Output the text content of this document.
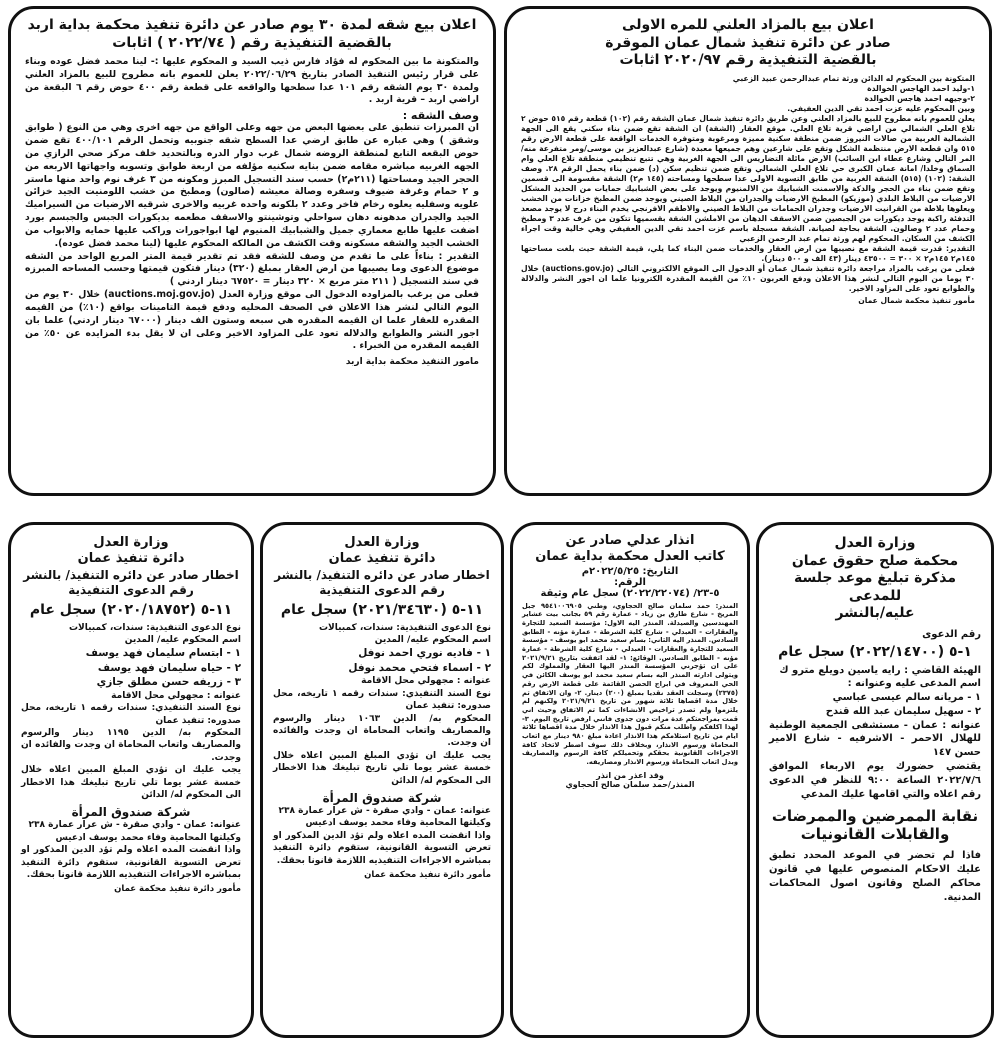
اعلان بيع بالمزاد العلني للمره الاولى

صادر عن دائرة تنفيذ شمال عمان الموقرة

بالقضية التنفيذية رقم ٢٠٢٠/٩٧ اثابات

المتكونة بين المحكوم له الدائن ورثة تمام عبدالرحمن عبيد الزعبي

١-وليد احمد الهاجس الخوالدة

٢-وجيهه احمد هاجس الخوالدة

وبين المحكوم عليه عزت احمد تقي الدين العفيفي.

يعلن للعموم بانه مطروح للبيع بالمزاد العلني وعن طريق دائرة تنفيذ شمال عمان الشقة رقم (١٠٢) قطعة رقم ٥١٥ حوض ٢ تلاع العلي الشمالي من اراضي قرية تلاع العلي. موقع العقار (الشقة) ان الشقة تقع ضمن بناء سكني يقع الى الجهة الشمالية الغربية من صالات النيروز ضمن منطقة سكنية مميزة ومرغوبة ومتوفرة الخدمات الواقعة على قطعة الارض رقم ٥١٥ وان قطعة الارض منتظمة الشكل وتقع على شارعين وهم جميعها معبدة (شارع عبدالعزيز بن موسى/ومر متفرعة منه/المر التالي وشارع عطاء ابن السائب) الارض مائلة التضاريس الى الجهة الغربية وهي تتبع تنظيمي منطقة تلاع العلي وام السماق وخلدا/ امانة عمان الكبرى حي تلاع العلي الشمالي وتقع ضمن تنظيم سكن (د) ضمن بناء يحمل الرقم ٢٨. وصف الشقة: (١٠٢) (٥١٥) الشقة الغربية من طابق التسوية الاولى عدا سطحها ومساحته (١٤٥ م٢) الشقة مقسومة الى قسمين وتقع ضمن بناء من الحجر والدكة والاسمنت الشبابيك من الالمنيوم ويوجد على بعض الشبابيك حمايات من الحديد المشكل الارضيات من البلاط البلدي (موزيكو) المطبخ الارضيات والجدران من البلاط الصيني ويوجد ضمن المطبخ خزانات من الخشب ويعلوها بلاطة من القرانيت الارضيات وجدران الحمامات من البلاط الصيني والاطقم الافرنجي يخدم البناء درج لا يوجد مصعد التدفئة راكبة يوجد ديكورات من الجبصين ضمن الاسقف الدهان من الاملشن الشقة بقسميها تتكون من غرف عدد ٣ ومطبخ وحمام عدد ٢ وصالون. الشقة بحاجة لصيانة. الشقة مسجلة باسم عزت احمد تقي الدين العفيفي وهي خالية وقت اجراء الكشف من السكان. المحكوم لهم ورثة تمام عبد الرحمن الزعبي

التقدير: قدرت قيمة الشقة مع نصيبها من ارض العقار والخدمات ضمن البناء كما يلي، قيمة الشقة حيث بلغت مساحتها ١٤٥م٢ ١٤٥م٢ × ٣٠٠ = ٤٣٥٠٠ دينار (٤٣ الف و ٥٠٠ دينار).

فعلى من يرغب بالمزاد مراجعة دائرة تنفيذ شمال عمان أو الدخول الى الموقع الالكتروني التالي (auctions.gov.jo) خلال ٣٠ يوما من اليوم التالي لنشر هذا الاعلان ودفع العربون ١٠٪ من القيمة المقدرة الكترونيا علما ان اجور النشر والدلالة والطوابع تعود على المزاود الاخير.

مأمور تنفيذ محكمة شمال عمان

اعلان بيع شقه لمدة ٣٠ يوم صادر عن دائرة تنفيذ محكمة بداية اربد

بالقضية التنفيذية رقم ( ٢٠٢٢/٧٤ ) اثابات

والمتكونة ما بين المحكوم له فؤاد فارس ذيب السيد و المحكوم عليها :- لينا محمد فضل عوده وبناء على قرار رئيس التنفيذ الصادر بتاريخ ٢٠٢٢/٠٦/٢٩ يعلن للعموم بانه مطروح للبيع بالمزاد العلني ولمدة ٣٠ يوم الشقه رقم ١٠١ عدا سطحها والواقعه على قطعة رقم ٤٠٠ حوض رقم ٦ البقعة من اراضي اربد – قرية اربد .

وصف الشقه :

ان المبرزات تنطبق على بعضها البعض من جهه وعلى الواقع من جهه اخرى وهي من النوع ( طوابق وشقق ) وهي عباره عن طابق ارضي عدا السطح شقه جنوبيه وتحمل الرقم ٤٠٠/١٠١ تقع ضمن حوض البقعه التابع لمنطقة الروضه شمال غرب دوار الدره وبالتحديد خلف مركز صحي الرازي من الجهه الغربيه مباشره مقامه ضمن بنايه سكنيه مؤلفه من اربعة طوابق وتسويه واجهاتها الاربعه من الحجر الجيد ومساحتها (٢١١م٢) حسب سند التسجيل المبرز ومكونه من ٣ غرف نوم واحد منها ماستر و ٢ حمام وغرفة ضيوف وسفره وصالة معيشه (صالون) ومطبخ من خشب اللومنيت الجيد خزائن علويه وسفليه يعلوه رخام فاخر وعدد ٢ بلكونه واحده غربيه والاخرى شرقيه الارضيات من السيراميك الجيد والجدران مدهونه دهان سواحلي وتوشينتو والاسقف مطعمه بديكورات الجبس والجبسم بورد اضفت عليها طابع معماري جميل والشبابيك المنيوم لها ابواجورات وراكب عليها حمايه والابواب من الخشب الجيد والشقه مسكونه وقت الكشف من المالكه المحكوم عليها (لينا محمد فضل عوده).

التقدير : بناءاً على ما تقدم من وصف للشقه فقد تم تقدير قيمة المتر المربع الواحد من الشقه موضوع الدعوى وما يصيبها من ارض العقار بمبلغ (٣٢٠) دينار فتكون قيمتها وحسب المساحه المبرزه في سند التسجيل ( ٢١١ متر مربع × ٣٢٠ دينار = ٦٧٥٢٠ دينار اردني )

فعلى من يرغب بالمزاوده الدخول الى موقع وزارة العدل (auctions.moj.gov.jo) خلال ٣٠ يوم من اليوم التالي لنشر هذا الاعلان في الصحف المحليه ودفع قيمة التامينات بواقع (١٠٪) من القيمه المقدره للعقار علما ان القيمه المقدره هي سبعه وستون الف دينار (٦٧٠٠٠ دينار اردني) علما بان اجور النشر والطوابع والدلاله تعود على المزاود الاخير وعلى ان لا يقل بدء المزايده عن ٥٠٪ من القيمه المقدره من الخبراء .

مامور التنفيذ محكمة بداية اربد

وزارة العدل

محكمة صلح حقوق عمان

مذكرة تبليغ موعد جلسة للمدعى

عليه/بالنشر

رقم الدعوى

١-٥ (٢٠٢٢/١٤٧٠٠) سجل عام

الهيئة القاضي : رايه ياسين دويلع مترو ك

اسم المدعى عليه وعنوانه :

١ - مريانه سالم عيسى عباسي

٢ - سهيل سليمان عبد الله قندح

عنوانه : عمان - مستشفى الجمعية الوطنية للهلال الاحمر - الاشرفيه - شارع الامير حسن ١٤٧

يقتضي حضورك يوم الاربعاء الموافق ٢٠٢٢/٧/٦ الساعة ٩:٠٠ للنظر في الدعوى رقم اعلاه والتي اقامها عليك المدعي

نقابة الممرضين والممرضات والقابلات القانونيات

فاذا لم تحضر في الموعد المحدد تطبق عليك الاحكام المنصوص عليها في قانون محاكم الصلح وقانون اصول المحاكمات المدنية.

انذار عدلي صادر عن

كاتب العدل محكمة بداية عمان

التاريخ: ٢٠٢٢/٥/٢٥م

الرقم:

٥-٢٣/ (٢٠٢٢/٢٢٠٧٤) سجل عام وثيقة

المنذر: حمد سلمان صالح الحجاوي، وطني ٩٥٤١٠٠٦٩٠٥ جبل المريخ - شارع طارق بن زياد - عمارة رقم ٥٩ بجانب بيت عشاير المهندسين والصيدلة. المنذر اليه الاول: مؤسسة السعيد للتجارة والعقارات - العبدلي - شارع كلية الشرطة - عمارة مؤنه - الطابق السادس. المنذر اليه الثاني: بسام سعيد محمد ابو يوسف - مؤسسة السعيد للتجارة والعقارات - العبدلي - شارع كلية الشرطة - عمارة مؤنه - الطابق السادس. الوقائع: ١- لقد اتفقت بتاريخ ٢٠٢١/٩/٢١ على ان تؤجرني المؤسسة المنذر اليها العقار والمملوك لكم ويتولى ادارته المنذر اليه بسام سعيد محمد ابو يوسف الكائن في الحي المعروف في ابراج الحصن القائمة على قطعة الارض رقم (٢٣٧٥) وسجلت العقد نقديا بمبلغ (٢٠٠) دينار. ٢- وان الاتفاق تم خلال مدة اقصاها ثلاثة شهور من تاريخ ٢٠٢١/٩/٢١ ولكنهم لم يلتزموا ولم تصدر تراخيص الانشاءات كما تم الاتفاق وحيث اني قمت بمراجعتكم عدة مرات دون جدوى فانني ارفض تاريخ اليوم. ٣- لهذا اكلفكم واطلب منكم قبول هذا الانذار خلال مدة اقصاها ثلاثة ايام من تاريخ استلامكم هذا الانذار اعادة مبلغ ٩٨٠ دينار مع اتعاب المحاماة ورسوم الانذار، وبخلاف ذلك سوف اضطر لاتخاذ كافة الاجراءات القانونية بحقكم وتحميلكم كافة الرسوم والمصاريف وبدل اتعاب المحاماة ورسوم الانذار ومصاريفه.

وقد اعذر من انذر

المنذر/حمد سلمان صالح الحجاوي

وزارة العدل

دائرة تنفيذ عمان

اخطار صادر عن دائره التنفيذ/ بالنشر

رقم الدعوى التنفيذية

١١-٥ (٢٠٢١/٣٤٦٣٠) سجل عام

نوع الدعوى التنفيذية: سندات، كمبيالات

اسم المحكوم عليه/ المدين

١ - فاديه نوري احمد نوفل

٢ - اسماء فتحي محمد نوفل

عنوانه : مجهولي محل الاقامة

نوع السند التنفيذي: سندات رقمه ١ تاريخه، محل صدوره: تنفيذ عمان

المحكوم به/ الدين ١٠٦٣ دينار والرسوم والمصاريف واتعاب المحاماة ان وجدت والفائده ان وجدت.

يجب عليك ان تؤدي المبلغ المبين اعلاه خلال خمسة عشر يوما تلي تاريخ تبليغك هذا الاخطار الى المحكوم له/ الدائن

شركة صندوق المرأة

عنوانه: عمان - وادي صقرة - ش عرار عمارة ٢٣٨

وكيلتها المحامية وفاء محمد يوسف ادعيس

واذا انقضت المده اعلاه ولم تؤد الدين المذكور او تعرض التسوية القانونية، ستقوم دائرة التنفيذ بمباشره الاجراءات التنفيذيه اللازمة قانونا بحقك.

مأمور دائرة تنفيذ محكمة عمان

وزارة العدل

دائرة تنفيذ عمان

اخطار صادر عن دائره التنفيذ/ بالنشر

رقم الدعوى التنفيذية

١١-٥ (٢٠٢٠/١٨٧٥٢) سجل عام

نوع الدعوى التنفيذية: سندات، كمبيالات

اسم المحكوم عليه/ المدين

١ - ابتسام سليمان فهد يوسف

٢ - حياه سليمان فهد يوسف

٣ - زريفه حسن مطلق جازي

عنوانه : مجهولي محل الاقامة

نوع السند التنفيذي: سندات رقمه ١ تاريخه، محل صدوره: تنفيذ عمان

المحكوم به/ الدين ١١٩٥ دينار والرسوم والمصاريف واتعاب المحاماة ان وجدت والفائده ان وجدت.

يجب عليك ان تؤدي المبلغ المبين اعلاه خلال خمسة عشر يوما تلي تاريخ تبليغك هذا الاخطار الى المحكوم له/ الدائن

شركة صندوق المرأة

عنوانه: عمان - وادي صقرة - ش عرار عمارة ٢٣٨

وكيلتها المحامية وفاء محمد يوسف ادعيس

واذا انقضت المده اعلاه ولم تؤد الدين المذكور او تعرض التسوية القانونية، ستقوم دائرة التنفيذ بمباشره الاجراءات التنفيذيه اللازمة قانونا بحقك.

مأمور دائرة تنفيذ محكمة عمان
